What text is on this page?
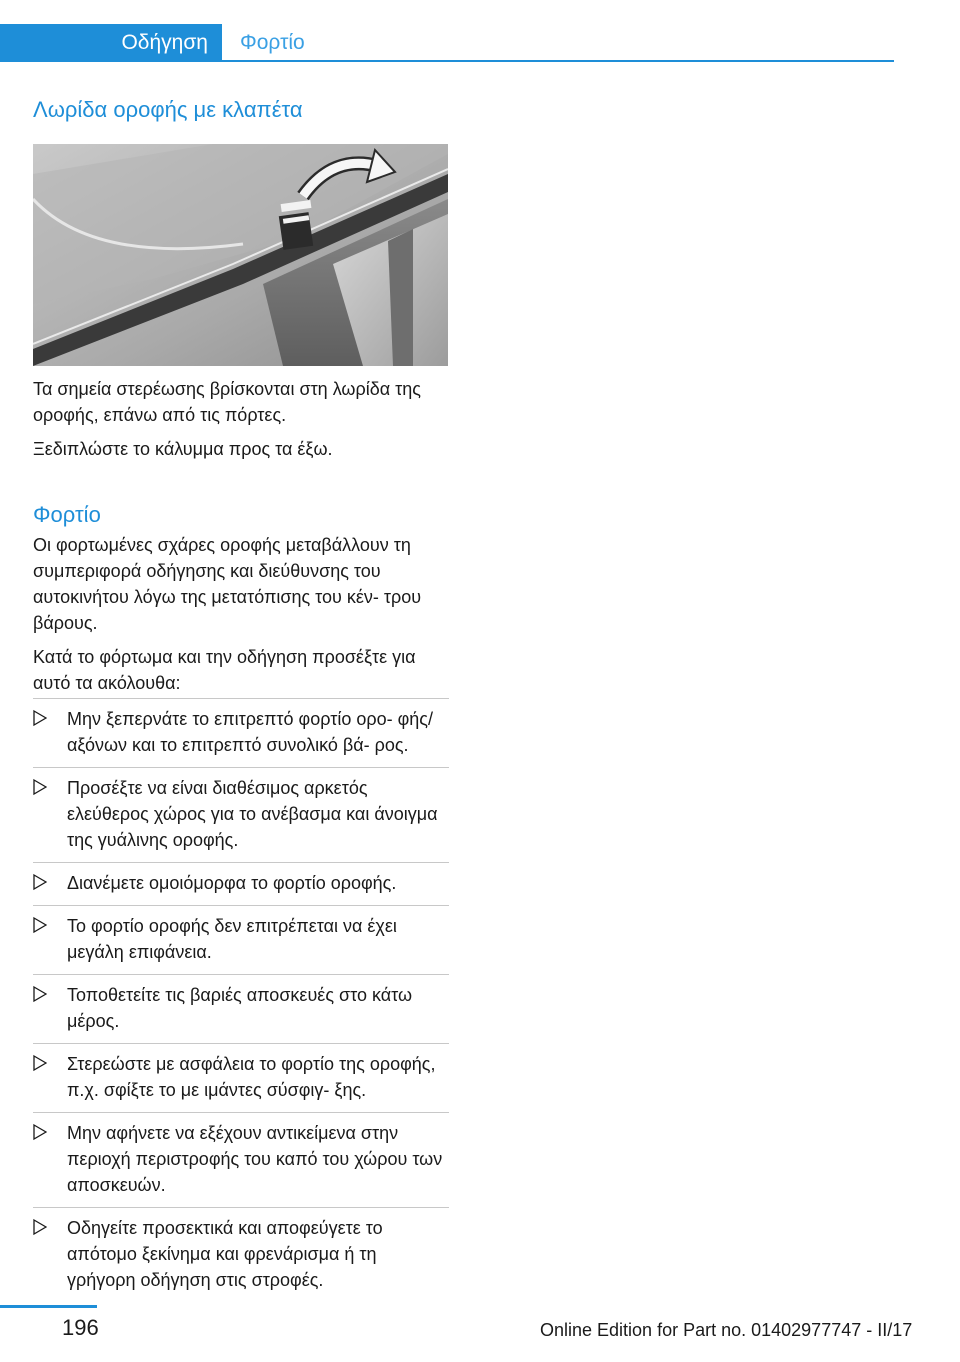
Οδήγηση	Φορτίο
Λωρίδα οροφής με κλαπέτα

Τα σημεία στερέωσης βρίσκονται στη λωρίδα της οροφής, επάνω από τις πόρτες.

Ξεδιπλώστε το κάλυμμα προς τα έξω.

Φορτίο

Οι φορτωμένες σχάρες οροφής μεταβάλλουν τη συμπεριφορά οδήγησης και διεύθυνσης του αυτοκινήτου λόγω της μετατόπισης του κέν‐ τρου βάρους.

Κατά το φόρτωμα και την οδήγηση προσέξτε για αυτό τα ακόλουθα:

Μην ξεπερνάτε το επιτρεπτό φορτίο ορο‐ φής/αξόνων και το επιτρεπτό συνολικό βά‐ ρος.
Προσέξτε να είναι διαθέσιμος αρκετός ελεύθερος χώρος για το ανέβασμα και άνοιγμα της γυάλινης οροφής.
Διανέμετε ομοιόμορφα το φορτίο οροφής.
Το φορτίο οροφής δεν επιτρέπεται να έχει μεγάλη επιφάνεια.
Τοποθετείτε τις βαριές αποσκευές στο κάτω μέρος.
Στερεώστε με ασφάλεια το φορτίο της οροφής, π.χ. σφίξτε το με ιμάντες σύσφιγ‐ ξης.
Μην αφήνετε να εξέχουν αντικείμενα στην περιοχή περιστροφής του καπό του χώρου των αποσκευών.
Οδηγείτε προσεκτικά και αποφεύγετε το απότομο ξεκίνημα και φρενάρισμα ή τη γρήγορη οδήγηση στις στροφές.
196	Online Edition for Part no. 01402977747 - II/17
